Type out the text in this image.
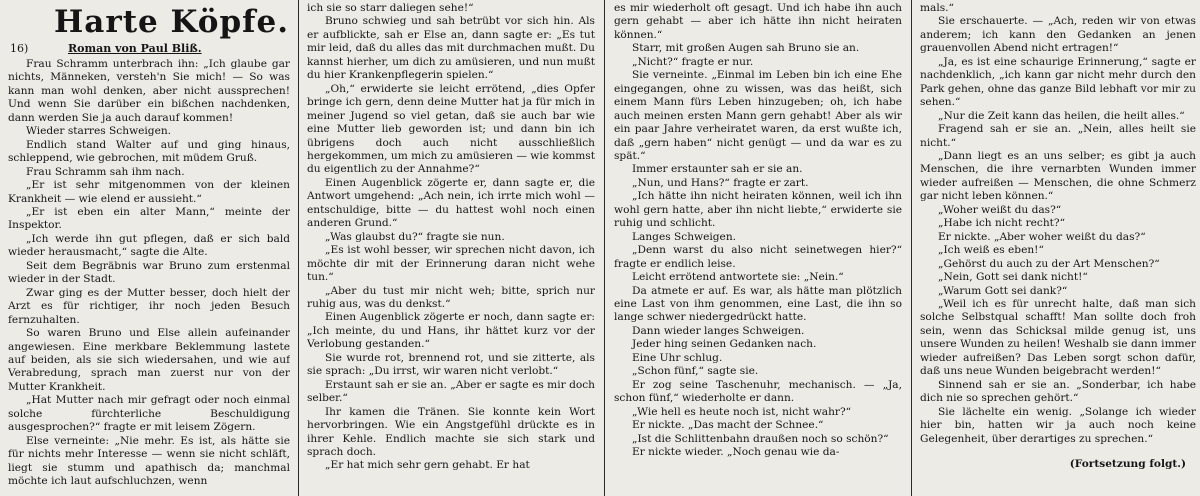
Harte Köpfe.
16)	Roman von Paul Bliß.
Frau Schramm unterbrach ihn: „Ich glaube gar nichts, Männeken, versteh'n Sie mich! — So was kann man wohl denken, aber nicht aussprechen! Und wenn Sie darüber ein bißchen nachdenken, dann werden Sie ja auch darauf kommen!
Wieder starres Schweigen.
Endlich stand Walter auf und ging hinaus, schleppend, wie gebrochen, mit müdem Gruß.
Frau Schramm sah ihm nach.
„Er ist sehr mitgenommen von der kleinen Krankheit — wie elend er aussieht.“
„Er ist eben ein alter Mann,“ meinte der Inspektor.
„Ich werde ihn gut pflegen, daß er sich bald wieder herausmacht,“ sagte die Alte.
Seit dem Begräbnis war Bruno zum erstenmal wieder in der Stadt.
Zwar ging es der Mutter besser, doch hielt der Arzt es für richtiger, ihr noch jeden Besuch fernzuhalten.
So waren Bruno und Else allein aufeinander angewiesen. Eine merkbare Beklemmung lastete auf beiden, als sie sich wiedersahen, und wie auf Verabredung, sprach man zuerst nur von der Mutter Krankheit.
„Hat Mutter nach mir gefragt oder noch einmal solche fürchterliche Beschuldigung ausgesprochen?“ fragte er mit leisem Zögern.
Else verneinte: „Nie mehr. Es ist, als hätte sie für nichts mehr Interesse — wenn sie nicht schläft, liegt sie stumm und apathisch da; manchmal möchte ich laut aufschluchzen, wenn
ich sie so starr daliegen sehe!“
Bruno schwieg und sah betrübt vor sich hin. Als er aufblickte, sah er Else an, dann sagte er: „Es tut mir leid, daß du alles das mit durchmachen mußt. Du kannst hierher, um dich zu amüsieren, und nun mußt du hier Krankenpflegerin spielen.“
„Oh,“ erwiderte sie leicht errötend, „dies Opfer bringe ich gern, denn deine Mutter hat ja für mich in meiner Jugend so viel getan, daß sie auch bar wie eine Mutter lieb geworden ist; und dann bin ich übrigens doch auch nicht ausschließlich hergekommen, um mich zu amüsieren — wie kommst du eigentlich zu der Annahme?“
Einen Augenblick zögerte er, dann sagte er, die Antwort umgehend: „Ach nein, ich irrte mich wohl — entschuldige, bitte — du hattest wohl noch einen anderen Grund.“
„Was glaubst du?“ fragte sie nun.
„Es ist wohl besser, wir sprechen nicht davon, ich möchte dir mit der Erinnerung daran nicht wehe tun.“
„Aber du tust mir nicht weh; bitte, sprich nur ruhig aus, was du denkst.“
Einen Augenblick zögerte er noch, dann sagte er: „Ich meinte, du und Hans, ihr hättet kurz vor der Verlobung gestanden.“
Sie wurde rot, brennend rot, und sie zitterte, als sie sprach: „Du irrst, wir waren nicht verlobt.“
Erstaunt sah er sie an. „Aber er sagte es mir doch selber.“
Ihr kamen die Tränen. Sie konnte kein Wort hervorbringen. Wie ein Angstgefühl drückte es in ihrer Kehle. Endlich machte sie sich stark und sprach doch.
„Er hat mich sehr gern gehabt. Er hat
es mir wiederholt oft gesagt. Und ich habe ihn auch gern gehabt — aber ich hätte ihn nicht heiraten können.“
Starr, mit großen Augen sah Bruno sie an.
„Nicht?“ fragte er nur.
Sie verneinte. „Einmal im Leben bin ich eine Ehe eingegangen, ohne zu wissen, was das heißt, sich einem Mann fürs Leben hinzugeben; oh, ich habe auch meinen ersten Mann gern gehabt! Aber als wir ein paar Jahre verheiratet waren, da erst wußte ich, daß „gern haben“ nicht genügt — und da war es zu spät.“
Immer erstaunter sah er sie an.
„Nun, und Hans?“ fragte er zart.
„Ich hätte ihn nicht heiraten können, weil ich ihn wohl gern hatte, aber ihn nicht liebte,“ erwiderte sie ruhig und schlicht.
Langes Schweigen.
„Denn warst du also nicht seinetwegen hier?“ fragte er endlich leise.
Leicht errötend antwortete sie: „Nein.“
Da atmete er auf. Es war, als hätte man plötzlich eine Last von ihm genommen, eine Last, die ihn so lange schwer niedergedrückt hatte.
Dann wieder langes Schweigen.
Jeder hing seinen Gedanken nach.
Eine Uhr schlug.
„Schon fünf,“ sagte sie.
Er zog seine Taschenuhr, mechanisch. — „Ja, schon fünf,“ wiederholte er dann.
„Wie hell es heute noch ist, nicht wahr?“
Er nickte. „Das macht der Schnee.“
„Ist die Schlittenbahn draußen noch so schön?“
Er nickte wieder. „Noch genau wie da-
mals.“
Sie erschauerte. — „Ach, reden wir von etwas anderem; ich kann den Gedanken an jenen grauenvollen Abend nicht ertragen!“
„Ja, es ist eine schaurige Erinnerung,“ sagte er nachdenklich, „ich kann gar nicht mehr durch den Park gehen, ohne das ganze Bild lebhaft vor mir zu sehen.“
„Nur die Zeit kann das heilen, die heilt alles.“
Fragend sah er sie an. „Nein, alles heilt sie nicht.“
„Dann liegt es an uns selber; es gibt ja auch Menschen, die ihre vernarbten Wunden immer wieder aufreißen — Menschen, die ohne Schmerz gar nicht leben können.“
„Woher weißt du das?“
„Habe ich nicht recht?“
Er nickte. „Aber woher weißt du das?“
„Ich weiß es eben!“
„Gehörst du auch zu der Art Menschen?“
„Nein, Gott sei dank nicht!“
„Warum Gott sei dank?“
„Weil ich es für unrecht halte, daß man sich solche Selbstqual schafft! Man sollte doch froh sein, wenn das Schicksal milde genug ist, uns unsere Wunden zu heilen! Weshalb sie dann immer wieder aufreißen? Das Leben sorgt schon dafür, daß uns neue Wunden beigebracht werden!“
Sinnend sah er sie an. „Sonderbar, ich habe dich nie so sprechen gehört.“
Sie lächelte ein wenig. „Solange ich wieder hier bin, hatten wir ja auch noch keine Gelegenheit, über derartiges zu sprechen.“
(Fortsetzung folgt.)
